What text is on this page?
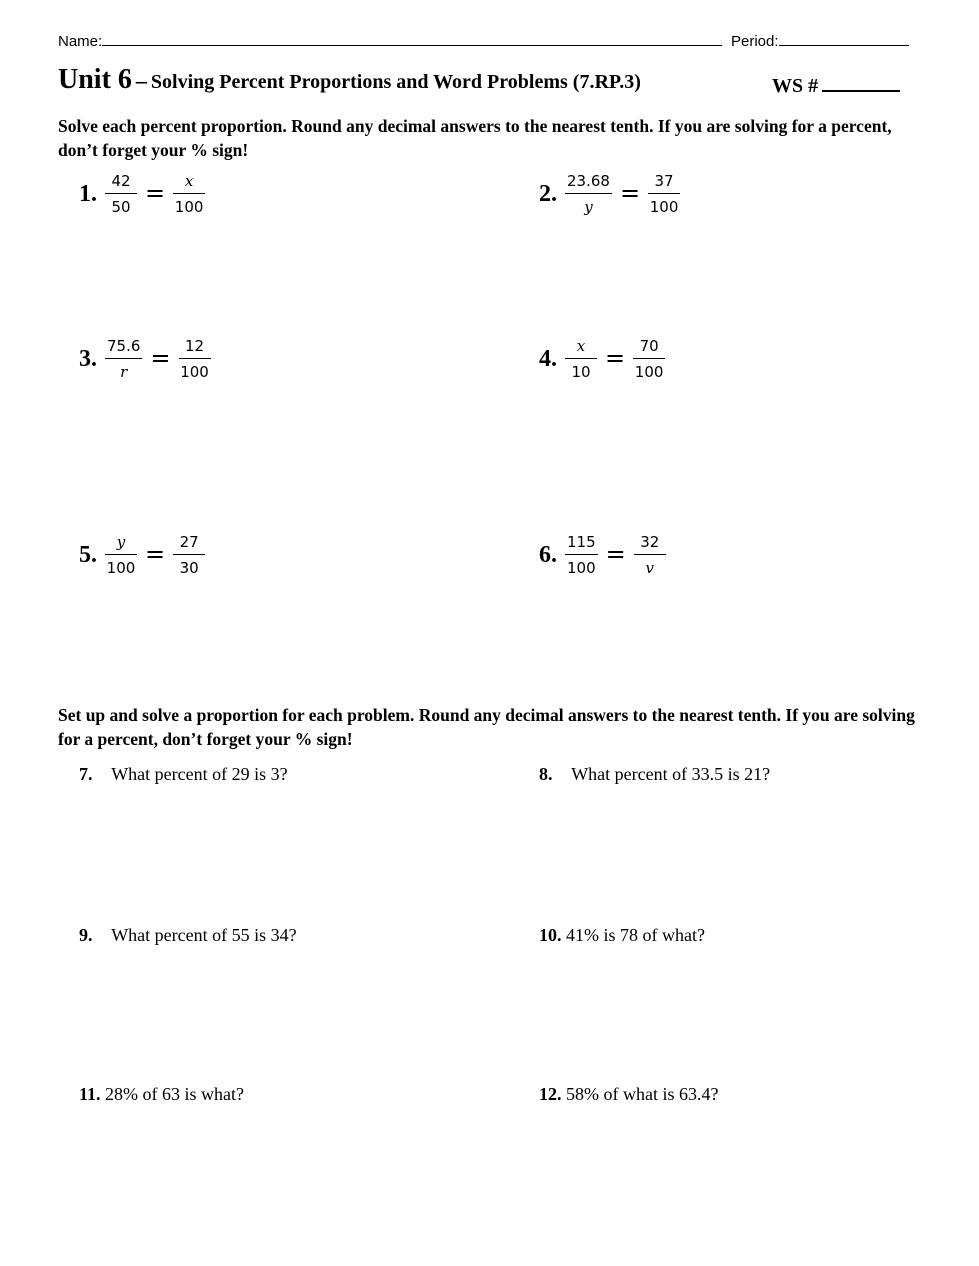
Name:	Period:
Unit 6 – Solving Percent Proportions and Word Problems (7.RP.3)	WS #
Solve each percent proportion. Round any decimal answers to the nearest tenth. If you are solving for a percent, don’t forget your % sign!
1. $\frac{42}{50} = \frac{x}{100}$	2. $\frac{23.68}{y} = \frac{37}{100}$
3. $\frac{75.6}{r} = \frac{12}{100}$	4. $\frac{x}{10} = \frac{70}{100}$
5. $\frac{y}{100} = \frac{27}{30}$	6. $\frac{115}{100} = \frac{32}{v}$
Set up and solve a proportion for each problem. Round any decimal answers to the nearest tenth. If you are solving for a percent, don’t forget your % sign!
7. What percent of 29 is 3?	8. What percent of 33.5 is 21?
9. What percent of 55 is 34?	10. 41% is 78 of what?
11. 28% of 63 is what?	12. 58% of what is 63.4?
